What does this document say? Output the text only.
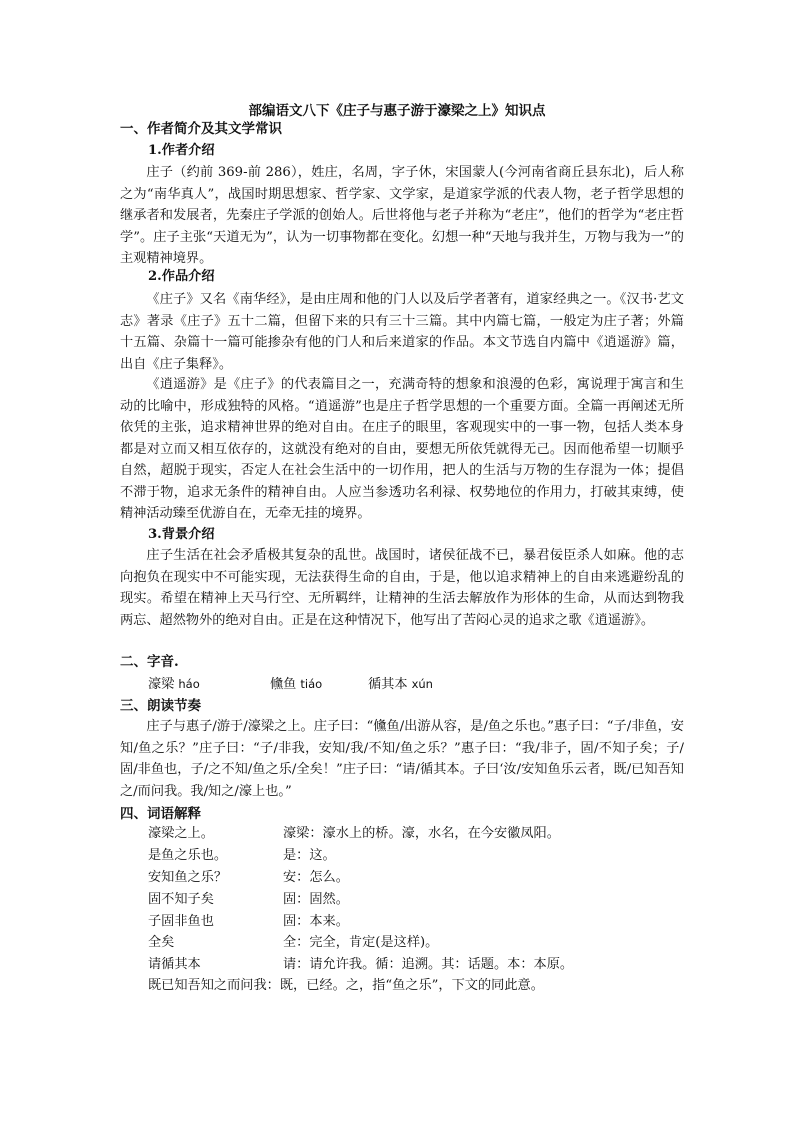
部编语文八下《庄子与惠子游于濠梁之上》知识点
一、作者简介及其文学常识
1.作者介绍

庄子（约前 369-前 286），姓庄，名周，字子休，宋国蒙人(今河南省商丘县东北)，后人称之为“南华真人”，战国时期思想家、哲学家、文学家，是道家学派的代表人物，老子哲学思想的继承者和发展者，先秦庄子学派的创始人。后世将他与老子并称为“老庄”，他们的哲学为“老庄哲学”。庄子主张“天道无为”，认为一切事物都在变化。幻想一种“天地与我并生，万物与我为一”的主观精神境界。

2.作品介绍

《庄子》又名《南华经》，是由庄周和他的门人以及后学者著有，道家经典之一。《汉书·艺文志》著录《庄子》五十二篇，但留下来的只有三十三篇。其中内篇七篇，一般定为庄子著；外篇十五篇、杂篇十一篇可能掺杂有他的门人和后来道家的作品。本文节选自内篇中《逍遥游》篇，出自《庄子集释》。

《逍遥游》是《庄子》的代表篇目之一，充满奇特的想象和浪漫的色彩，寓说理于寓言和生动的比喻中，形成独特的风格。“逍遥游”也是庄子哲学思想的一个重要方面。全篇一再阐述无所依凭的主张，追求精神世界的绝对自由。在庄子的眼里，客观现实中的一事一物，包括人类本身都是对立而又相互依存的，这就没有绝对的自由，要想无所依凭就得无己。因而他希望一切顺乎自然，超脱于现实，否定人在社会生活中的一切作用，把人的生活与万物的生存混为一体；提倡不滞于物，追求无条件的精神自由。人应当参透功名利禄、权势地位的作用力，打破其束缚，使精神活动臻至优游自在，无牵无挂的境界。

3.背景介绍

庄子生活在社会矛盾极其复杂的乱世。战国时，诸侯征战不已，暴君佞臣杀人如麻。他的志向抱负在现实中不可能实现，无法获得生命的自由，于是，他以追求精神上的自由来逃避纷乱的现实。希望在精神上天马行空、无所羁绊，让精神的生活去解放作为形体的生命，从而达到物我两忘、超然物外的绝对自由。正是在这种情况下，他写出了苦闷心灵的追求之歌《逍遥游》。

二、字音.
濠梁 háo	儵鱼 tiáo	循其本 xún
三、朗读节奏

庄子与惠子/游于/濠梁之上。庄子曰：“儵鱼/出游从容，是/鱼之乐也。”惠子曰：“子/非鱼，安知/鱼之乐？”庄子曰：“子/非我，安知/我/不知/鱼之乐？”惠子曰：“我/非子，固/不知子矣；子/固/非鱼也，子/之不知/鱼之乐/全矣！”庄子曰：“请/循其本。子曰‘汝/安知鱼乐云者，既/已知吾知之/而问我。我/知之/濠上也。”

四、词语解释
濠梁之上。	濠梁：濠水上的桥。濠，水名，在今安徽凤阳。
是鱼之乐也。	是：这。
安知鱼之乐？	安：怎么。
固不知子矣	固：固然。
子固非鱼也	固：本来。
全矣	全：完全，肯定(是这样)。
请循其本	请：请允许我。循：追溯。其：话题。本：本原。
既已知吾知之而问我：既，已经。之，指“鱼之乐”，下文的同此意。
